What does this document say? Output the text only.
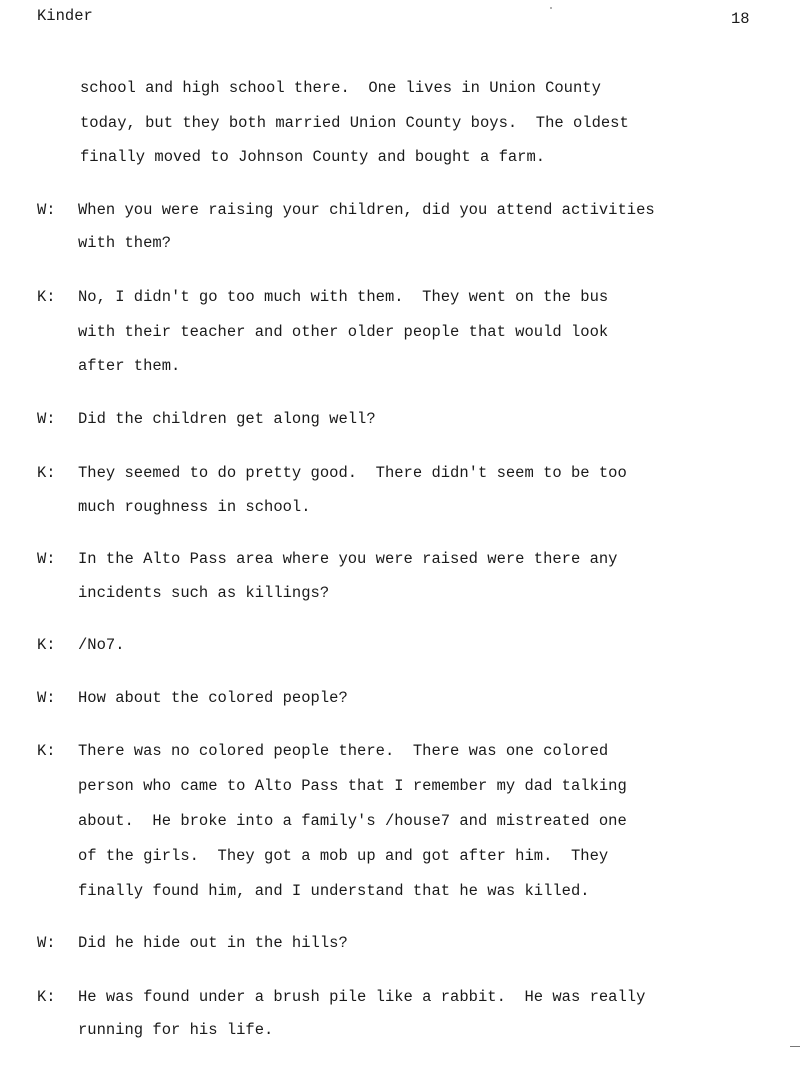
Kinder	18
school and high school there.  One lives in Union County
today, but they both married Union County boys.  The oldest
finally moved to Johnson County and bought a farm.
W: When you were raising your children, did you attend activities
with them?
K: No, I didn't go too much with them.  They went on the bus
with their teacher and other older people that would look
after them.
W: Did the children get along well?
K: They seemed to do pretty good.  There didn't seem to be too
much roughness in school.
W: In the Alto Pass area where you were raised were there any
incidents such as killings?
K: /No7.
W: How about the colored people?
K: There was no colored people there.  There was one colored
person who came to Alto Pass that I remember my dad talking
about.  He broke into a family's /house7 and mistreated one
of the girls.  They got a mob up and got after him.  They
finally found him, and I understand that he was killed.
W: Did he hide out in the hills?
K: He was found under a brush pile like a rabbit.  He was really
running for his life.
